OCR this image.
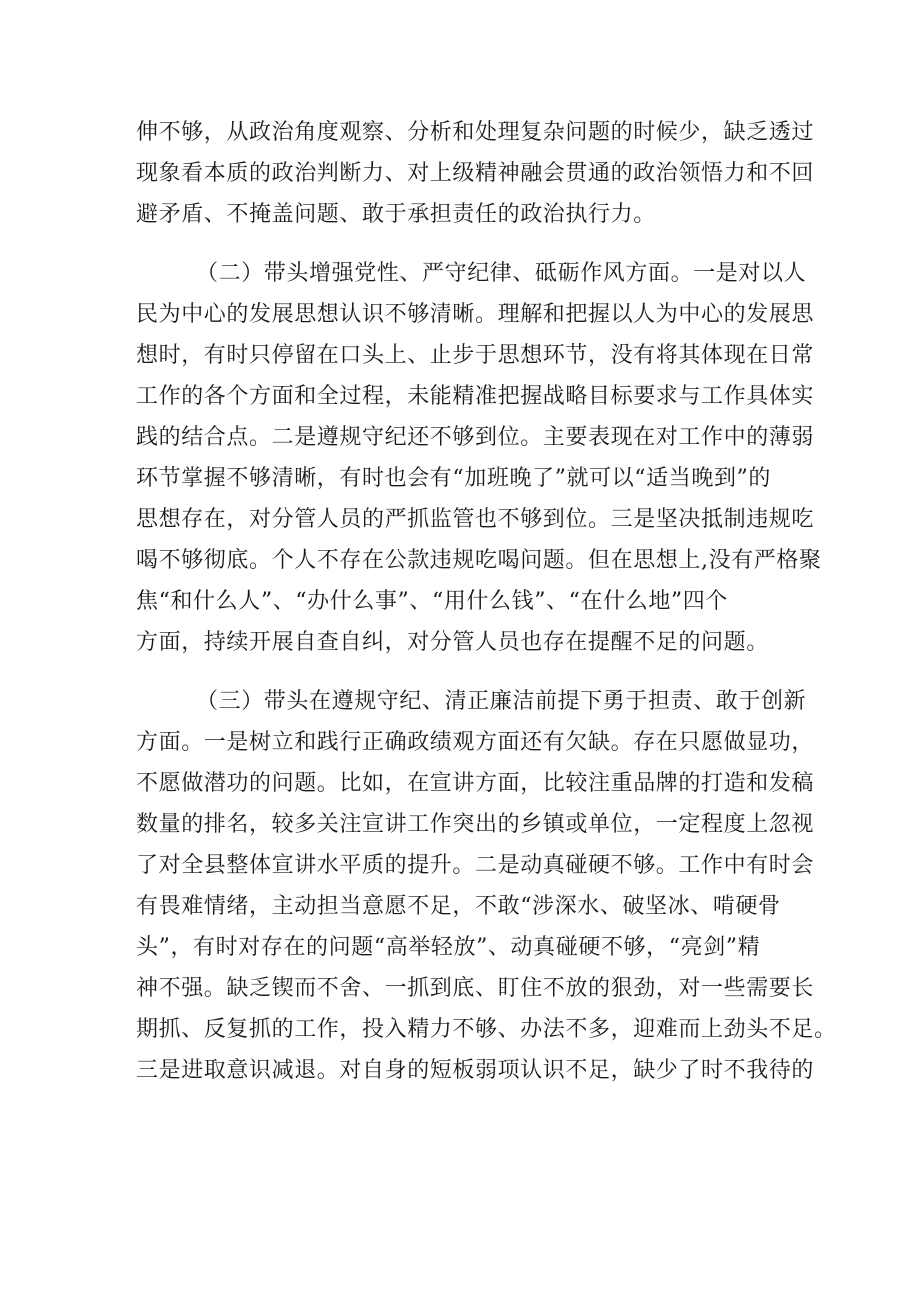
伸不够，从政治角度观察、分析和处理复杂问题的时候少，缺乏透过
现象看本质的政治判断力、对上级精神融会贯通的政治领悟力和不回
避矛盾、不掩盖问题、敢于承担责任的政治执行力。
（二）带头增强党性、严守纪律、砥砺作风方面。一是对以人
民为中心的发展思想认识不够清晰。理解和把握以人为中心的发展思
想时，有时只停留在口头上、止步于思想环节，没有将其体现在日常
工作的各个方面和全过程，未能精准把握战略目标要求与工作具体实
践的结合点。二是遵规守纪还不够到位。主要表现在对工作中的薄弱
环节掌握不够清晰，有时也会有“加班晚了”就可以“适当晚到”的
思想存在，对分管人员的严抓监管也不够到位。三是坚决抵制违规吃
喝不够彻底。个人不存在公款违规吃喝问题。但在思想上,没有严格聚
焦“和什么人”、“办什么事”、“用什么钱”、“在什么地”四个
方面，持续开展自查自纠，对分管人员也存在提醒不足的问题。
（三）带头在遵规守纪、清正廉洁前提下勇于担责、敢于创新
方面。一是树立和践行正确政绩观方面还有欠缺。存在只愿做显功，
不愿做潜功的问题。比如，在宣讲方面，比较注重品牌的打造和发稿
数量的排名，较多关注宣讲工作突出的乡镇或单位，一定程度上忽视
了对全县整体宣讲水平质的提升。二是动真碰硬不够。工作中有时会
有畏难情绪，主动担当意愿不足，不敢“涉深水、破坚冰、啃硬骨
头”，有时对存在的问题“高举轻放”、动真碰硬不够，“亮剑”精
神不强。缺乏锲而不舍、一抓到底、盯住不放的狠劲，对一些需要长
期抓、反复抓的工作，投入精力不够、办法不多，迎难而上劲头不足。
三是进取意识减退。对自身的短板弱项认识不足，缺少了时不我待的
